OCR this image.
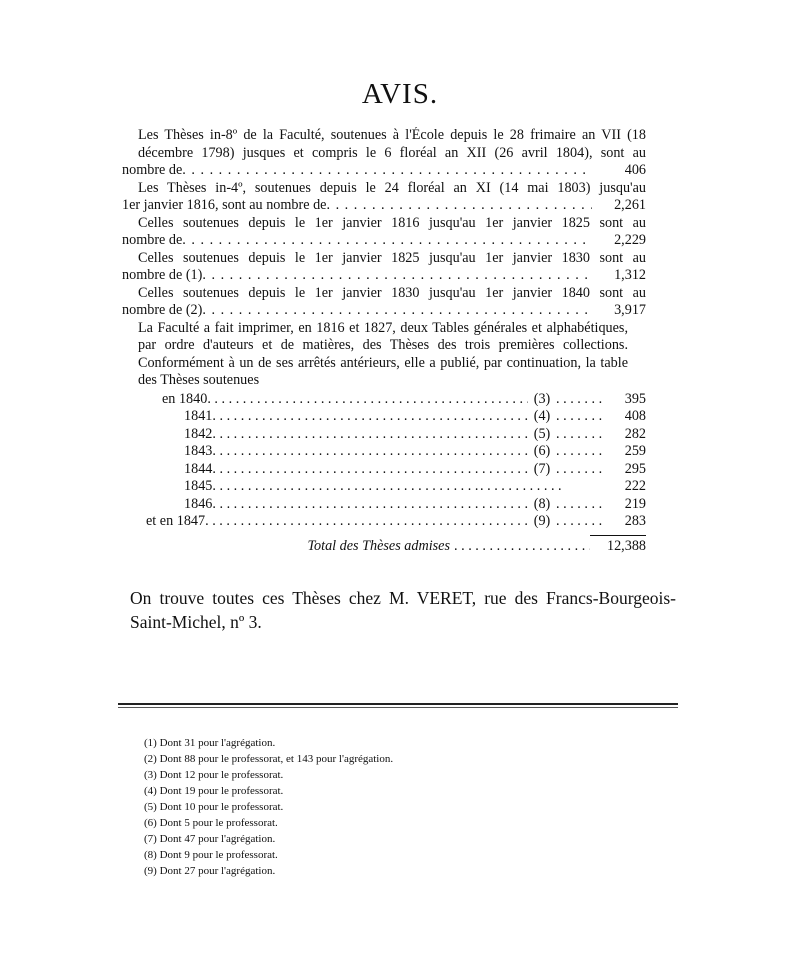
AVIS.
Les Thèses in-8º de la Faculté, soutenues à l'École depuis le 28 frimaire an VII (18 décembre 1798) jusques et compris le 6 floréal an XII (26 avril 1804), sont au
nombre de . . .	406
Les Thèses in-4º, soutenues depuis le 24 floréal an XI (14 mai 1803) jusqu'au
1er janvier 1816, sont au nombre de . . .	2,261
Celles soutenues depuis le 1er janvier 1816 jusqu'au 1er janvier 1825 sont au
nombre de . . .	2,229
Celles soutenues depuis le 1er janvier 1825 jusqu'au 1er janvier 1830 sont au
nombre de (1) . . .	1,312
Celles soutenues depuis le 1er janvier 1830 jusqu'au 1er janvier 1840 sont au
nombre de (2) . . .	3,917
La Faculté a fait imprimer, en 1816 et 1827, deux Tables générales et alphabétiques, par ordre d'auteurs et de matières, des Thèses des trois premières collections.
Conformément à un de ses arrêtés antérieurs, elle a publié, par continuation, la table des Thèses soutenues
en 1840 . . .	(3) . . .	395
1841 . . .	(4) . . .	408
1842 . . .	(5) . . .	282
1843 . . .	(6) . . .	259
1844 . . .	(7) . . .	295
1845 . . . . . .	222
1846 . . .	(8) . . .	219
et en 1847 . . .	(9) . . .	283
Total des Thèses admises . . .	12,388
On trouve toutes ces Thèses chez M. VERET, rue des Francs-Bourgeois-Saint-Michel, nº 3.
(1) Dont 31 pour l'agrégation.
(2) Dont 88 pour le professorat, et 143 pour l'agrégation.
(3) Dont 12 pour le professorat.
(4) Dont 19 pour le professorat.
(5) Dont 10 pour le professorat.
(6) Dont 5 pour le professorat.
(7) Dont 47 pour l'agrégation.
(8) Dont 9 pour le professorat.
(9) Dont 27 pour l'agrégation.
